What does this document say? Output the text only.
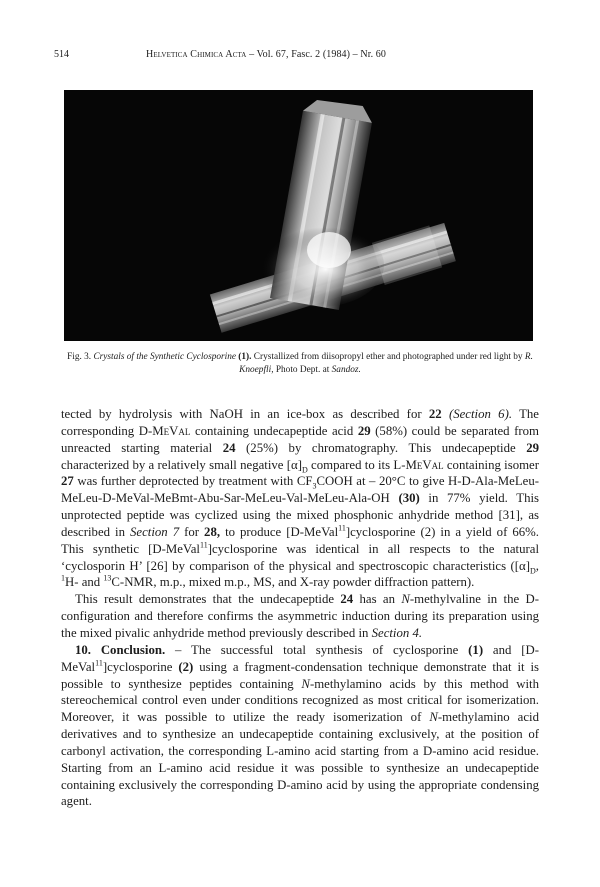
514	Helvetica Chimica Acta – Vol. 67, Fasc. 2 (1984) – Nr. 60
Fig. 3. Crystals of the Synthetic Cyclosporine (1). Crystallized from diisopropyl ether and photographed under red light by R. Knoepfli, Photo Dept. at Sandoz.

tected by hydrolysis with NaOH in an ice-box as described for 22 (Section 6). The corresponding D-MeVal containing undecapeptide acid 29 (58%) could be separated from unreacted starting material 24 (25%) by chromatography. This undecapeptide 29 characterized by a relatively small negative $[\alpha]_D$ compared to its L-MeVal containing isomer 27 was further deprotected by treatment with $CF_3COOH$ at – 20°C to give H-D-Ala-MeLeu-MeLeu-D-MeVal-MeBmt-Abu-Sar-MeLeu-Val-MeLeu-Ala-OH (30) in 77% yield. This unprotected peptide was cyclized using the mixed phosphonic anhydride method [31], as described in Section 7 for 28, to produce [D-MeVal$^{11}$]cyclosporine (2) in a yield of 66%. This synthetic [D-MeVal$^{11}$]cyclosporine was identical in all respects to the natural ‘cyclosporin H’ [26] by comparison of the physical and spectroscopic characteristics ($[\alpha]_D$, $^1$H- and $^{13}$C-NMR, m.p., mixed m.p., MS, and X-ray powder diffraction pattern).

This result demonstrates that the undecapeptide 24 has an N-methylvaline in the D-configuration and therefore confirms the asymmetric induction during its preparation using the mixed pivalic anhydride method previously described in Section 4.

10. Conclusion. – The successful total synthesis of cyclosporine (1) and [D-MeVal$^{11}$]cyclosporine (2) using a fragment-condensation technique demonstrate that it is possible to synthesize peptides containing N-methylamino acids by this method with stereochemical control even under conditions recognized as most critical for isomerization. Moreover, it was possible to utilize the ready isomerization of N-methylamino acid derivatives and to synthesize an undecapeptide containing exclusively, at the position of carbonyl activation, the corresponding L-amino acid starting from a D-amino acid residue. Starting from an L-amino acid residue it was possible to synthesize an undecapeptide containing exclusively the corresponding D-amino acid by using the appropriate condensing agent.
